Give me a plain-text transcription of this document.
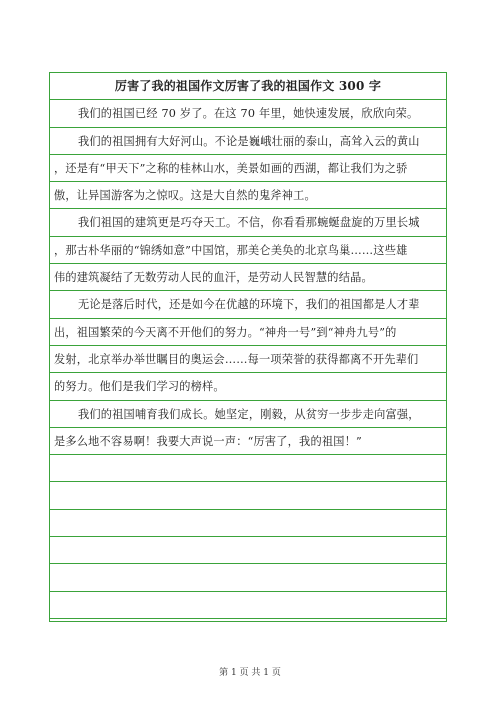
厉害了我的祖国作文厉害了我的祖国作文 300 字
我们的祖国已经 70 岁了。在这 70 年里，她快速发展，欣欣向荣。
我们的祖国拥有大好河山。不论是巍峨壮丽的泰山，高耸入云的黄山
，还是有“甲天下”之称的桂林山水，美景如画的西湖，都让我们为之骄
傲，让异国游客为之惊叹。这是大自然的鬼斧神工。
我们祖国的建筑更是巧夺天工。不信，你看看那蜿蜒盘旋的万里长城
，那古朴华丽的“锦绣如意”中国馆，那美仑美奂的北京鸟巢……这些雄
伟的建筑凝结了无数劳动人民的血汗，是劳动人民智慧的结晶。
无论是落后时代，还是如今在优越的环境下，我们的祖国都是人才辈
出，祖国繁荣的今天离不开他们的努力。“神舟一号”到“神舟九号”的
发射，北京举办举世瞩目的奥运会……每一项荣誉的获得都离不开先辈们
的努力。他们是我们学习的榜样。
我们的祖国哺育我们成长。她坚定，刚毅，从贫穷一步步走向富强，
是多么地不容易啊！我要大声说一声：“厉害了，我的祖国！”
第 1 页 共 1 页
